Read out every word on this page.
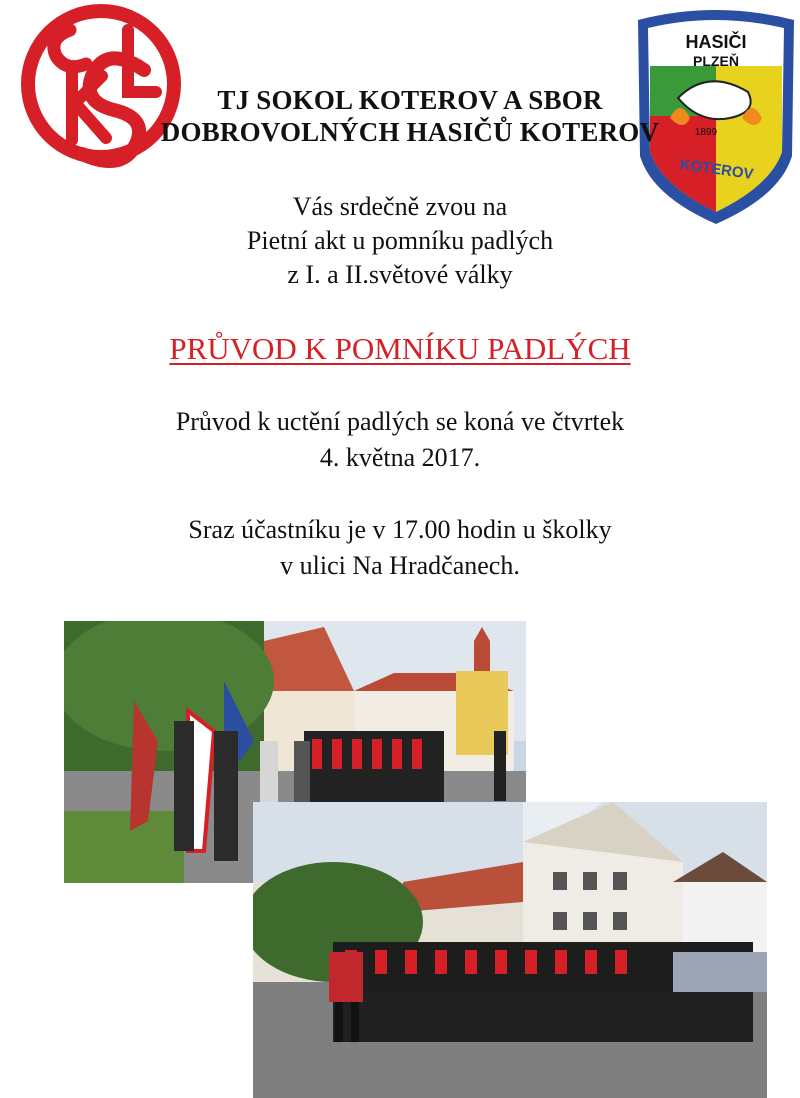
HASIČI
PLZEŇ
1899
KOTEROV
TJ SOKOL KOTEROV A SBOR
DOBROVOLNÝCH HASIČŮ KOTEROV
Vás srdečně zvou na
Pietní akt u pomníku padlých
z I. a II.světové války
PRŮVOD K POMNÍKU PADLÝCH

Průvod k uctění padlých se koná ve čtvrtek
4. května 2017.

Sraz účastníku je v 17.00 hodin u školky
v ulici Na Hradčanech.
